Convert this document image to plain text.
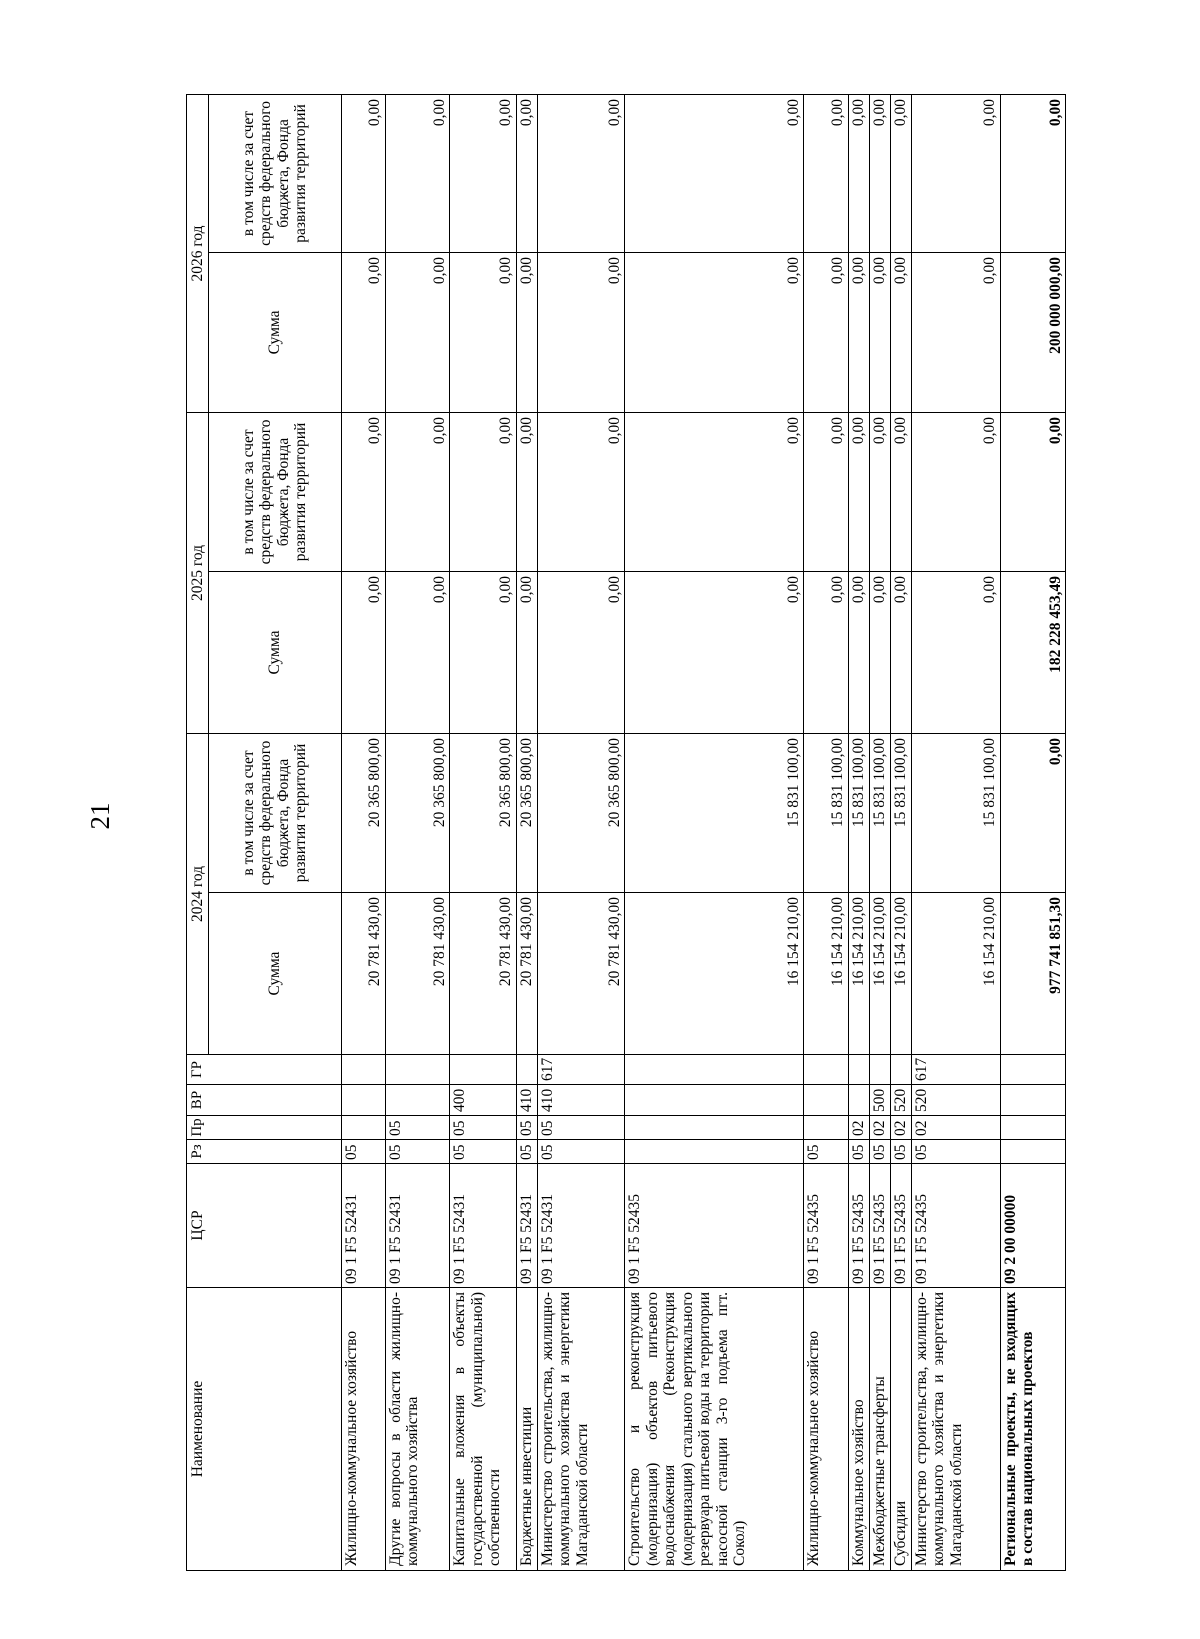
21
Наименование	ЦСР	Рз	Пр	ВР	ГР	2024 год		2025 год		2026 год	
						Сумма	в том числе за счет средств федерального бюджета, Фонда развития территорий	Сумма	в том числе за счет средств федерального бюджета, Фонда развития территорий	Сумма	в том числе за счет средств федерального бюджета, Фонда развития территорий
Жилищно-коммунальное хозяйство	09 1 F5 52431	05				20 781 430,00	20 365 800,00	0,00	0,00	0,00	0,00
Другие вопросы в области жилищно-коммунального хозяйства	09 1 F5 52431	05	05			20 781 430,00	20 365 800,00	0,00	0,00	0,00	0,00
Капитальные вложения в объекты государственной (муниципальной) собственности	09 1 F5 52431	05	05	400		20 781 430,00	20 365 800,00	0,00	0,00	0,00	0,00
Бюджетные инвестиции	09 1 F5 52431	05	05	410		20 781 430,00	20 365 800,00	0,00	0,00	0,00	0,00
Министерство строительства, жилищно-коммунального хозяйства и энергетики Магаданской области	09 1 F5 52431	05	05	410	617	20 781 430,00	20 365 800,00	0,00	0,00	0,00	0,00
Строительство и реконструкция (модернизация) объектов питьевого водоснабжения (Реконструкция (модернизация) стального вертикального резервуара питьевой воды на территории насосной станции 3-го подъема пгт. Сокол)	09 1 F5 52435					16 154 210,00	15 831 100,00	0,00	0,00	0,00	0,00
Жилищно-коммунальное хозяйство	09 1 F5 52435	05				16 154 210,00	15 831 100,00	0,00	0,00	0,00	0,00
Коммунальное хозяйство	09 1 F5 52435	05	02			16 154 210,00	15 831 100,00	0,00	0,00	0,00	0,00
Межбюджетные трансферты	09 1 F5 52435	05	02	500		16 154 210,00	15 831 100,00	0,00	0,00	0,00	0,00
Субсидии	09 1 F5 52435	05	02	520		16 154 210,00	15 831 100,00	0,00	0,00	0,00	0,00
Министерство строительства, жилищно-коммунального хозяйства и энергетики Магаданской области	09 1 F5 52435	05	02	520	617	16 154 210,00	15 831 100,00	0,00	0,00	0,00	0,00
Региональные проекты, не входящих в состав национальных проектов	09 2 00 00000					977 741 851,30	0,00	182 228 453,49	0,00	200 000 000,00	0,00
